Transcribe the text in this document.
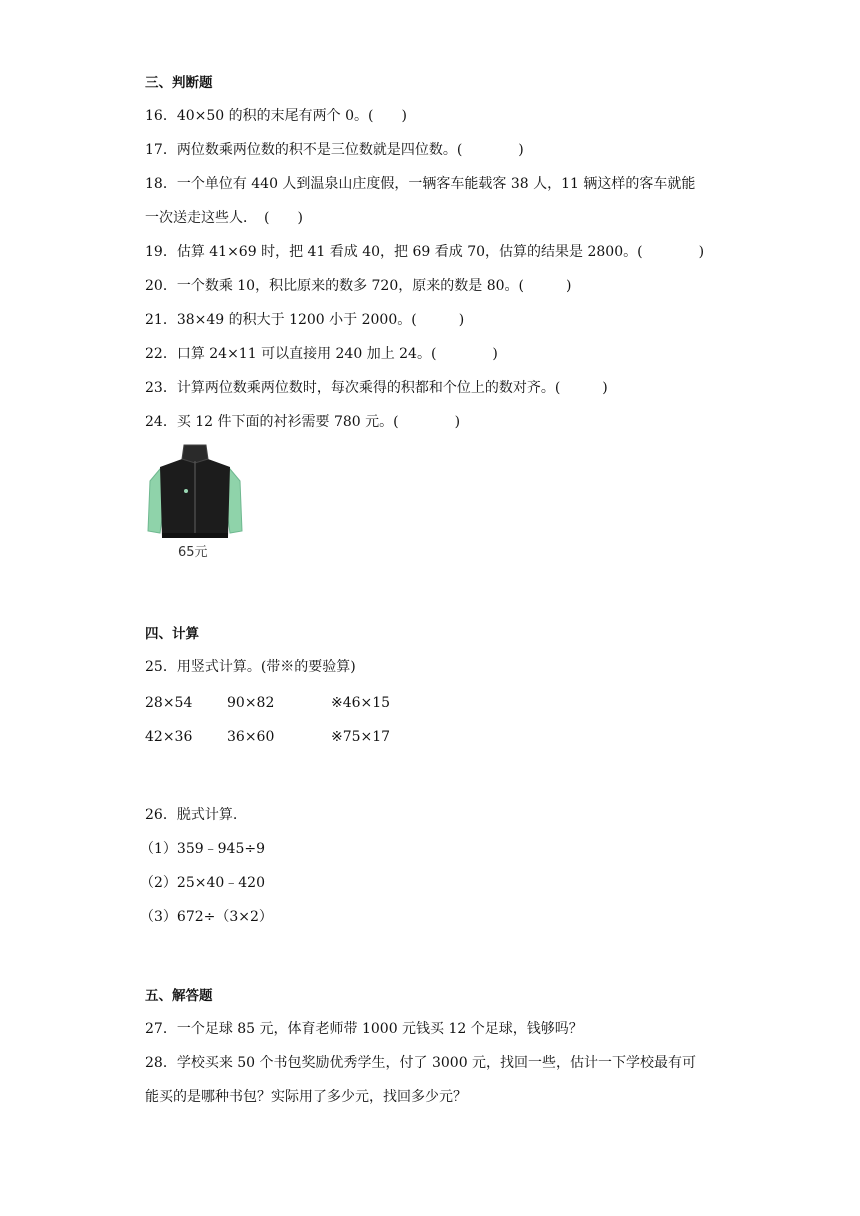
三、判断题
16．40×50 的积的末尾有两个 0。(　　)
17．两位数乘两位数的积不是三位数就是四位数。(　　　　)
18．一个单位有 440 人到温泉山庄度假，一辆客车能载客 38 人，11 辆这样的客车就能
一次送走这些人．　(　　)
19．估算 41×69 时，把 41 看成 40，把 69 看成 70，估算的结果是 2800。(　　　　)
20．一个数乘 10，积比原来的数多 720，原来的数是 80。(　　　)
21．38×49 的积大于 1200 小于 2000。(　　　)
22．口算 24×11 可以直接用 240 加上 24。(　　　　)
23．计算两位数乘两位数时，每次乘得的积都和个位上的数对齐。(　　　)
24．买 12 件下面的衬衫需要 780 元。(　　　　)
65元
四、计算
25．用竖式计算。(带※的要验算)
28×54 90×82	※46×15
42×36 36×60	※75×17
26．脱式计算.
（1）359﹣945÷9
（2）25×40﹣420
（3）672÷（3×2）
五、解答题
27．一个足球 85 元，体育老师带 1000 元钱买 12 个足球，钱够吗？
28．学校买来 50 个书包奖励优秀学生，付了 3000 元，找回一些，估计一下学校最有可
能买的是哪种书包？实际用了多少元，找回多少元？
